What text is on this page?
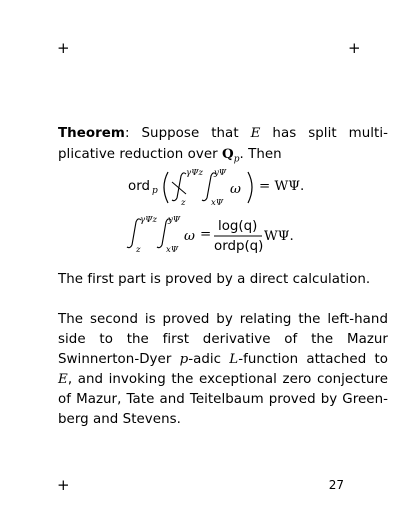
+	+
+
Theorem: Suppose that E has split multi-plicative reduction over $Q_p$. Then
ord p
z
γΨz
xΨ
yΨ
ω = WΨ.
z
γΨz
xΨ
yΨ
ω =
log(q)
ordp(q)
WΨ.
The first part is proved by a direct calculation.
The second is proved by relating the left-hand side to the first derivative of the Mazur Swinnerton-Dyer p-adic L-function attached to E, and invoking the exceptional zero conjecture of Mazur, Tate and Teitelbaum proved by Green-berg and Stevens.
27
